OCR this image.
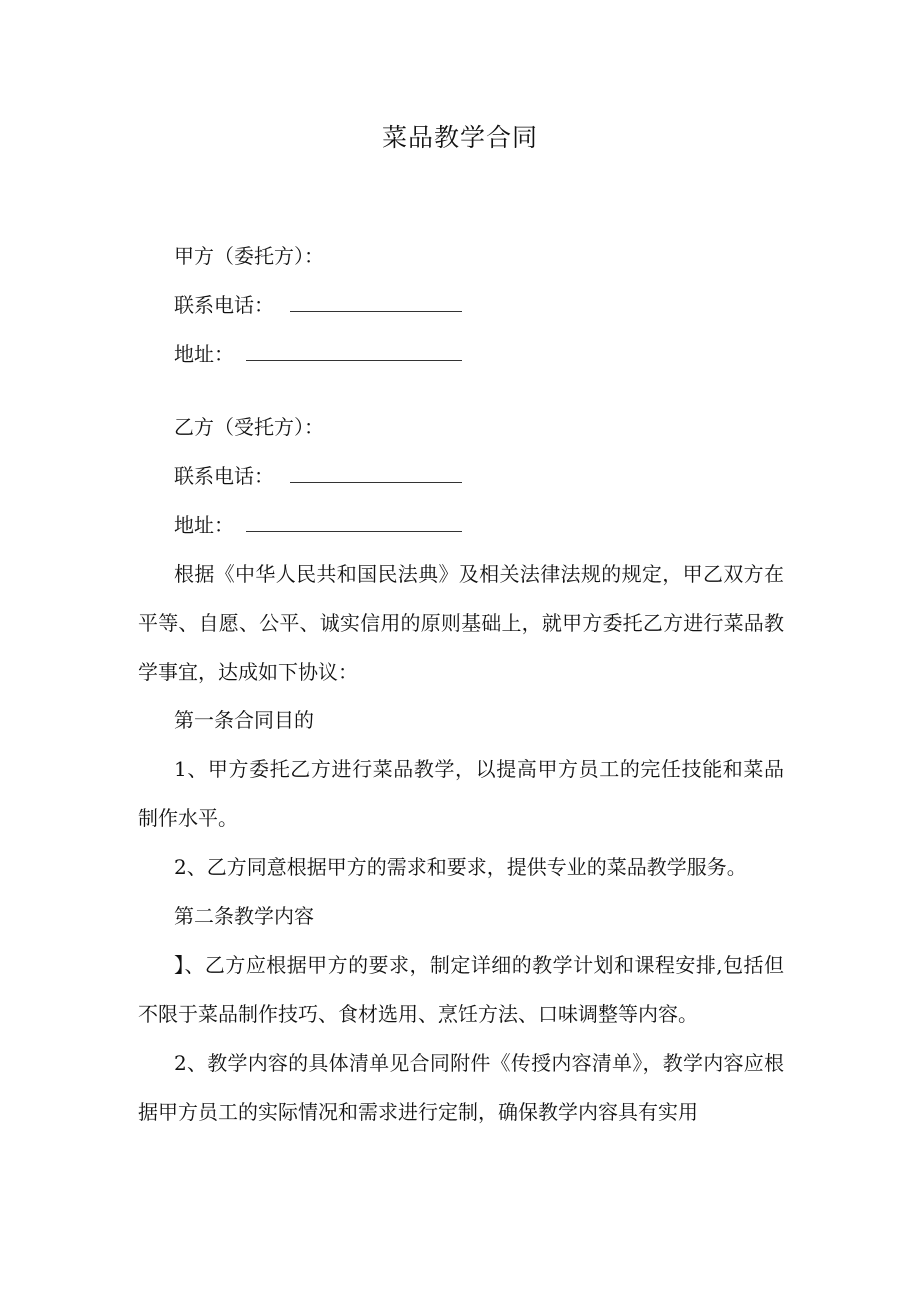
菜品教学合同
甲方（委托方）：
联系电话：
地址：
乙方（受托方）：
联系电话：
地址：
根据《中华人民共和国民法典》及相关法律法规的规定，甲乙双方在平等、自愿、公平、诚实信用的原则基础上，就甲方委托乙方进行菜品教学事宜，达成如下协议：
第一条合同目的
1、甲方委托乙方进行菜品教学，以提高甲方员工的完任技能和菜品制作水平。
2、乙方同意根据甲方的需求和要求，提供专业的菜品教学服务。
第二条教学内容
】、乙方应根据甲方的要求，制定详细的教学计划和课程安排,包括但不限于菜品制作技巧、食材选用、烹饪方法、口味调整等内容。
2、教学内容的具体清单见合同附件《传授内容清单》，教学内容应根据甲方员工的实际情况和需求进行定制，确保教学内容具有实用
